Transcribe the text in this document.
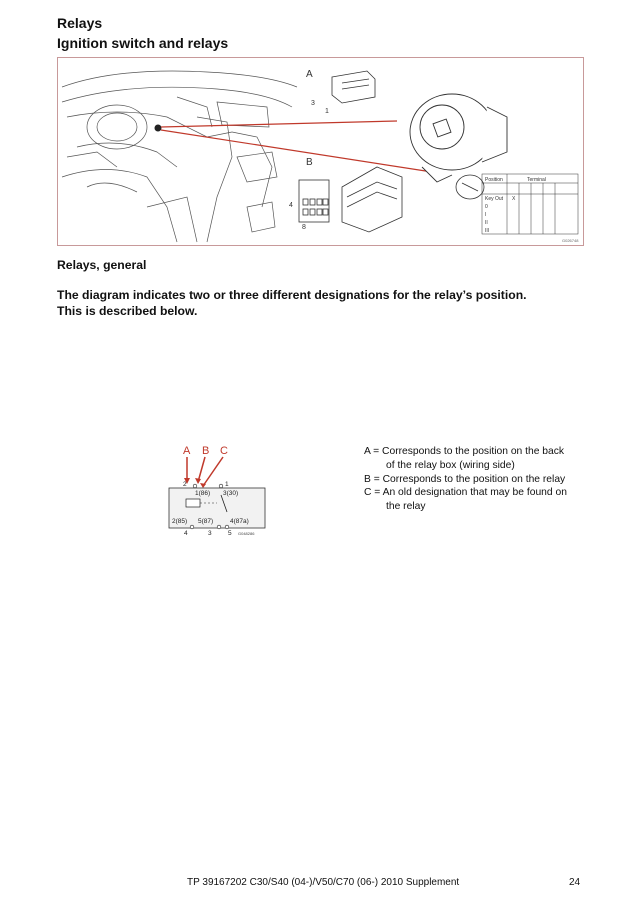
Relays
Ignition switch and relays
A
3
1
B
4
8
Position	Terminal
Key Out X
0
I
II
III
G026748
Relays, general
The diagram indicates two or three different designations for the relay’s position.
This is described below.
A B C
2	1
1(86) 3(30)
2(85) 5(87)	4(87a)
4	3	5 G048286
A = Corresponds to the position on the back
of the relay box (wiring side)
B = Corresponds to the position on the relay
C = An old designation that may be found on
the relay
TP 39167202 C30/S40 (04-)/V50/C70 (06-) 2010 Supplement	24
